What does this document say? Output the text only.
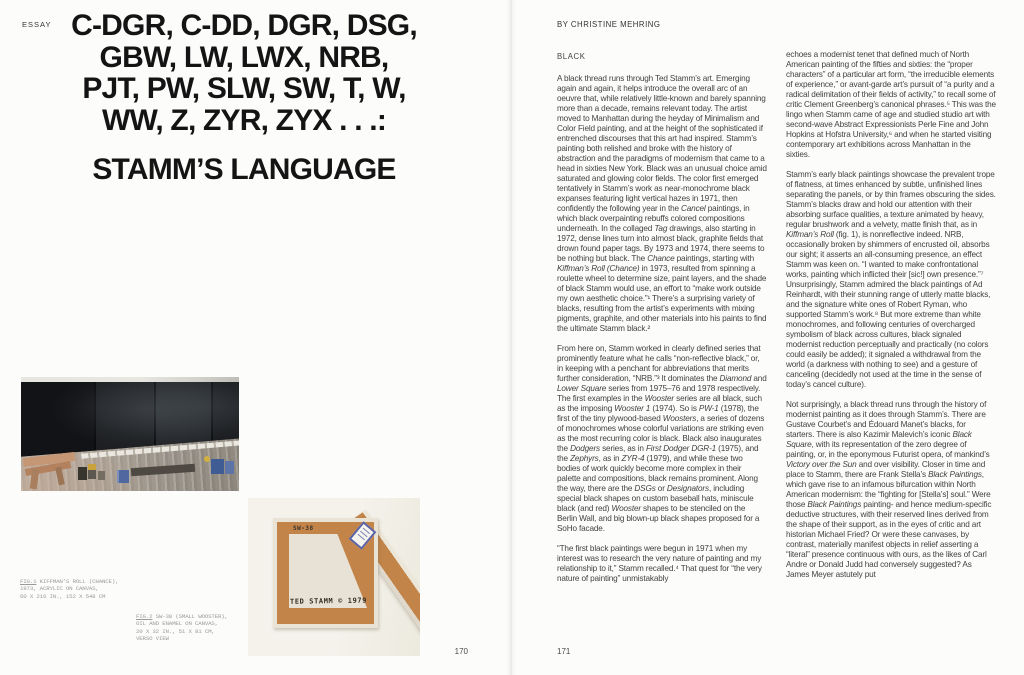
ESSAY C-DGR, C-DD, DGR, DSG,
GBW, LW, LWX, NRB,
PJT, PW, SLW, SW, T, W,
WW, Z, ZYR, ZYX . . .:
STAMM’S LANGUAGE
FIG.1 KIFFMAN’S ROLL (CHANCE),
1973, ACRYLIC ON CANVAS,
60 X 216 IN., 152 X 548 CM
SW-38
TED STAMM © 1979
FIG.2 SW-38 (SMALL WOOSTER),
OIL AND ENAMEL ON CANVAS,
20 X 32 IN., 51 X 81 CM,
VERSO VIEW
170
BY CHRISTINE MEHRING
BLACK

A black thread runs through Ted Stamm’s art. Emerging again and again, it helps introduce the overall arc of an oeuvre that, while relatively little-known and barely spanning more than a decade, remains relevant today. The artist moved to Manhattan during the heyday of Minimalism and Color Field painting, and at the height of the sophisticated if entrenched discourses that this art had inspired. Stamm’s painting both relished and broke with the history of abstraction and the paradigms of modernism that came to a head in sixties New York. Black was an unusual choice amid saturated and glowing color fields. The color first emerged tentatively in Stamm’s work as near-monochrome black expanses featuring light vertical hazes in 1971, then confidently the following year in the Cancel paintings, in which black overpainting rebuffs colored compositions underneath. In the collaged Tag drawings, also starting in 1972, dense lines turn into almost black, graphite fields that drown found paper tags. By 1973 and 1974, there seems to be nothing but black. The Chance paintings, starting with Kiffman’s Roll (Chance) in 1973, resulted from spinning a roulette wheel to determine size, paint layers, and the shade of black Stamm would use, an effort to “make work outside my own aesthetic choice.”¹ There’s a surprising variety of blacks, resulting from the artist’s experiments with mixing pigments, graphite, and other materials into his paints to find the ultimate Stamm black.²

From here on, Stamm worked in clearly defined series that prominently feature what he calls “non-reflective black,” or, in keeping with a penchant for abbreviations that merits further consideration, “NRB.”³ It dominates the Diamond and Lower Square series from 1975–76 and 1978 respectively. The first examples in the Wooster series are all black, such as the imposing Wooster 1 (1974). So is PW-1 (1978), the first of the tiny plywood-based Woosters, a series of dozens of monochromes whose colorful variations are striking even as the most recurring color is black. Black also inaugurates the Dodgers series, as in First Dodger DGR-1 (1975), and the Zephyrs, as in ZYR-4 (1979), and while these two bodies of work quickly become more complex in their palette and compositions, black remains prominent. Along the way, there are the DSGs or Designators, including special black shapes on custom baseball hats, miniscule black (and red) Wooster shapes to be stenciled on the Berlin Wall, and big blown-up black shapes proposed for a SoHo facade.

“The first black paintings were begun in 1971 when my interest was to research the very nature of painting and my relationship to it,” Stamm recalled.⁴ That quest for “the very nature of painting” unmistakably

echoes a modernist tenet that defined much of North American painting of the fifties and sixties: the “proper characters” of a particular art form, “the irreducible elements of experience,” or avant-garde art’s pursuit of “a purity and a radical delimitation of their fields of activity,” to recall some of critic Clement Greenberg’s canonical phrases.⁵ This was the lingo when Stamm came of age and studied studio art with second-wave Abstract Expressionists Perle Fine and John Hopkins at Hofstra University,⁶ and when he started visiting contemporary art exhibitions across Manhattan in the sixties.

Stamm’s early black paintings showcase the prevalent trope of flatness, at times enhanced by subtle, unfinished lines separating the panels, or by thin frames obscuring the sides. Stamm’s blacks draw and hold our attention with their absorbing surface qualities, a texture animated by heavy, regular brushwork and a velvety, matte finish that, as in Kiffman’s Roll (fig. 1), is nonreflective indeed. NRB, occasionally broken by shimmers of encrusted oil, absorbs our sight; it asserts an all-consuming presence, an effect Stamm was keen on. “I wanted to make confrontational works, painting which inflicted their [sic!] own presence.”⁷ Unsurprisingly, Stamm admired the black paintings of Ad Reinhardt, with their stunning range of utterly matte blacks, and the signature white ones of Robert Ryman, who supported Stamm’s work.⁸ But more extreme than white monochromes, and following centuries of overcharged symbolism of black across cultures, black signaled modernist reduction perceptually and practically (no colors could easily be added); it signaled a withdrawal from the world (a darkness with nothing to see) and a gesture of canceling (decidedly not used at the time in the sense of today’s cancel culture).

Not surprisingly, a black thread runs through the history of modernist painting as it does through Stamm’s. There are Gustave Courbet’s and Édouard Manet’s blacks, for starters. There is also Kazimir Malevich’s iconic Black Square, with its representation of the zero degree of painting, or, in the eponymous Futurist opera, of mankind’s Victory over the Sun and over visibility. Closer in time and place to Stamm, there are Frank Stella’s Black Paintings, which gave rise to an infamous bifurcation within North American modernism: the “fighting for [Stella’s] soul.” Were those Black Paintings painting- and hence medium-specific deductive structures, with their reserved lines derived from the shape of their support, as in the eyes of critic and art historian Michael Fried? Or were these canvases, by contrast, materially manifest objects in relief asserting a “literal” presence continuous with ours, as the likes of Carl Andre or Donald Judd had conversely suggested? As James Meyer astutely put

171
